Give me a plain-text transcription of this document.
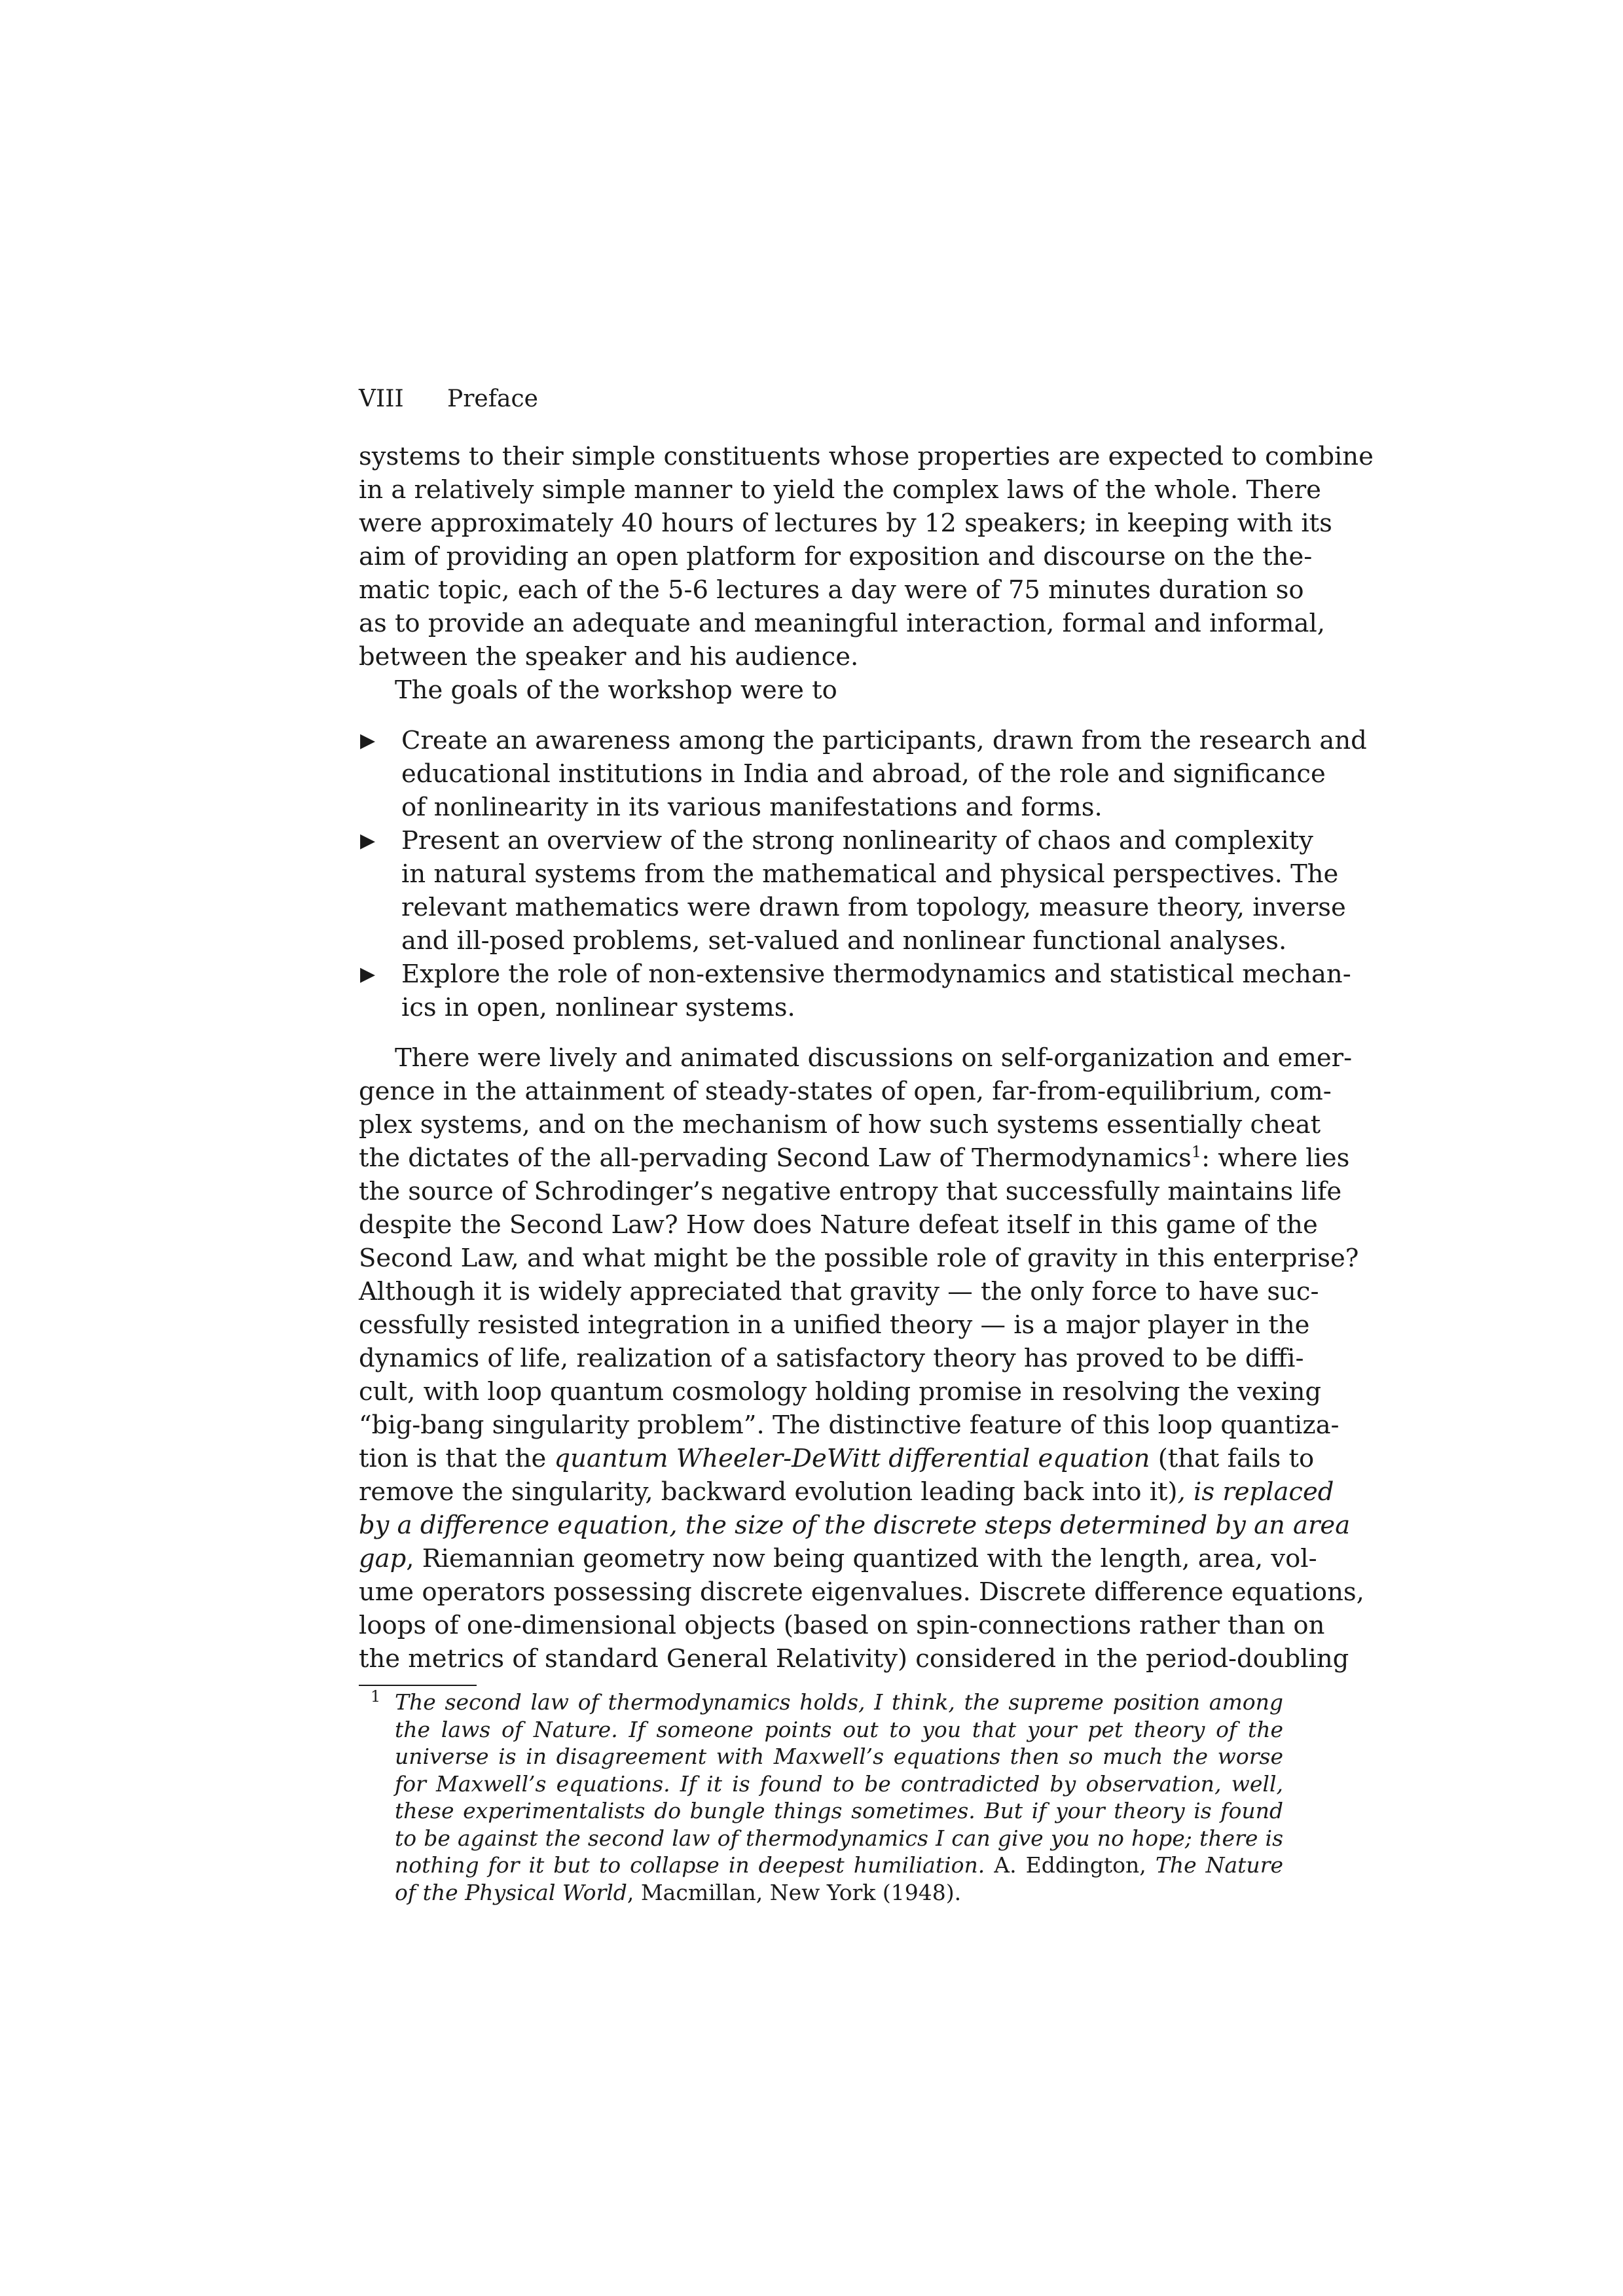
VIII Preface
systems to their simple constituents whose properties are expected to combine
in a relatively simple manner to yield the complex laws of the whole. There
were approximately 40 hours of lectures by 12 speakers; in keeping with its
aim of providing an open platform for exposition and discourse on the the-
matic topic, each of the 5-6 lectures a day were of 75 minutes duration so
as to provide an adequate and meaningful interaction, formal and informal,
between the speaker and his audience.
The goals of the workshop were to
▶ Create an awareness among the participants, drawn from the research and
educational institutions in India and abroad, of the role and significance
of nonlinearity in its various manifestations and forms.
▶ Present an overview of the strong nonlinearity of chaos and complexity
in natural systems from the mathematical and physical perspectives. The
relevant mathematics were drawn from topology, measure theory, inverse
and ill-posed problems, set-valued and nonlinear functional analyses.
▶ Explore the role of non-extensive thermodynamics and statistical mechan-
ics in open, nonlinear systems.
There were lively and animated discussions on self-organization and emer-
gence in the attainment of steady-states of open, far-from-equilibrium, com-
plex systems, and on the mechanism of how such systems essentially cheat
the dictates of the all-pervading Second Law of Thermodynamics$^1$: where lies
the source of Schrodinger’s negative entropy that successfully maintains life
despite the Second Law? How does Nature defeat itself in this game of the
Second Law, and what might be the possible role of gravity in this enterprise?
Although it is widely appreciated that gravity — the only force to have suc-
cessfully resisted integration in a unified theory — is a major player in the
dynamics of life, realization of a satisfactory theory has proved to be diffi-
cult, with loop quantum cosmology holding promise in resolving the vexing
“big-bang singularity problem”. The distinctive feature of this loop quantiza-
tion is that the quantum Wheeler-DeWitt differential equation (that fails to
remove the singularity, backward evolution leading back into it), is replaced
by a difference equation, the size of the discrete steps determined by an area
gap, Riemannian geometry now being quantized with the length, area, vol-
ume operators possessing discrete eigenvalues. Discrete difference equations,
loops of one-dimensional objects (based on spin-connections rather than on
the metrics of standard General Relativity) considered in the period-doubling
1 The second law of thermodynamics holds, I think, the supreme position among
the laws of Nature. If someone points out to you that your pet theory of the
universe is in disagreement with Maxwell’s equations then so much the worse
for Maxwell’s equations. If it is found to be contradicted by observation, well,
these experimentalists do bungle things sometimes. But if your theory is found
to be against the second law of thermodynamics I can give you no hope; there is
nothing for it but to collapse in deepest humiliation. A. Eddington, The Nature
of the Physical World, Macmillan, New York (1948).
